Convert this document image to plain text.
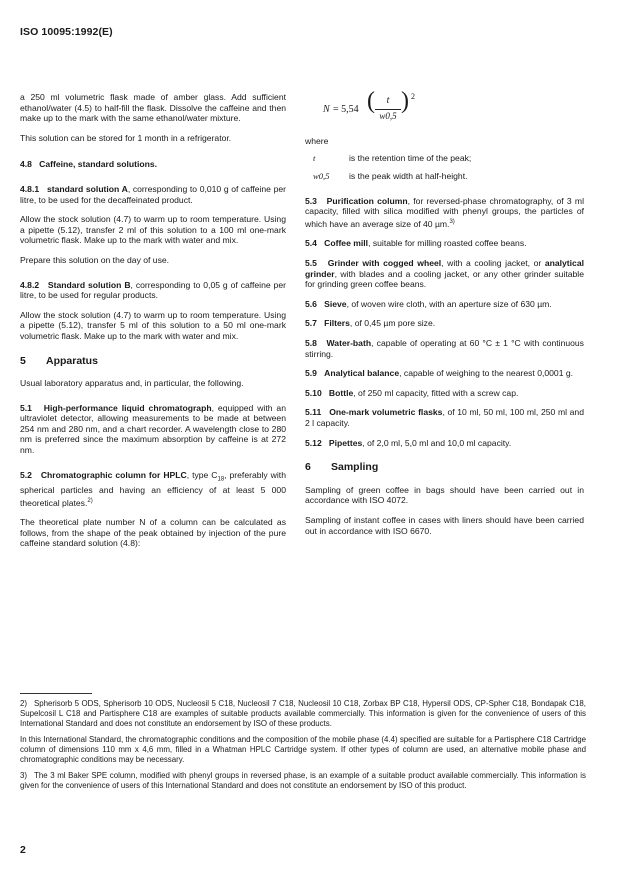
ISO 10095:1992(E)

a 250 ml volumetric flask made of amber glass. Add sufficient ethanol/water (4.5) to half-fill the flask. Dissolve the caffeine and then make up to the mark with the same ethanol/water mixture.

This solution can be stored for 1 month in a refrigerator.

4.8 Caffeine, standard solutions.

4.8.1 standard solution A, corresponding to 0,010 g of caffeine per litre, to be used for the decaffeinated product.

Allow the stock solution (4.7) to warm up to room temperature. Using a pipette (5.12), transfer 2 ml of this solution to a 100 ml one-mark volumetric flask. Make up to the mark with water and mix.

Prepare this solution on the day of use.

4.8.2 Standard solution B, corresponding to 0,05 g of caffeine per litre, to be used for regular products.

Allow the stock solution (4.7) to warm up to room temperature. Using a pipette (5.12), transfer 5 ml of this solution to a 50 ml one-mark volumetric flask. Make up to the mark with water and mix.

5 Apparatus

Usual laboratory apparatus and, in particular, the following.

5.1 High-performance liquid chromatograph, equipped with an ultraviolet detector, allowing measurements to be made at between 254 nm and 280 nm, and a chart recorder. A wavelength close to 280 nm is preferred since the maximum absorption by caffeine is at 272 nm.

5.2 Chromatographic column for HPLC, type $C_{18}$, preferably with spherical particles and having an efficiency of at least 5 000 theoretical plates.$^{2)}$

The theoretical plate number N of a column can be calculated as follows, from the shape of the peak obtained by injection of the pure caffeine standard solution (4.8):

N = 5,54 (	t
w0,5
) 2

where

t	is the retention time of the peak;
w0,5	is the peak width at half-height.

5.3 Purification column, for reversed-phase chromatography, of 3 ml capacity, filled with silica modified with phenyl groups, the particles of which have an average size of 40 µm.$^{3)}$

5.4 Coffee mill, suitable for milling roasted coffee beans.

5.5 Grinder with cogged wheel, with a cooling jacket, or analytical grinder, with blades and a cooling jacket, or any other grinder suitable for grinding green coffee beans.

5.6 Sieve, of woven wire cloth, with an aperture size of 630 µm.

5.7 Filters, of 0,45 µm pore size.

5.8 Water-bath, capable of operating at 60 °C ± 1 °C with continuous stirring.

5.9 Analytical balance, capable of weighing to the nearest 0,0001 g.

5.10 Bottle, of 250 ml capacity, fitted with a screw cap.

5.11 One-mark volumetric flasks, of 10 ml, 50 ml, 100 ml, 250 ml and 2 l capacity.

5.12 Pipettes, of 2,0 ml, 5,0 ml and 10,0 ml capacity.

6 Sampling

Sampling of green coffee in bags should have been carried out in accordance with ISO 4072.

Sampling of instant coffee in cases with liners should have been carried out in accordance with ISO 6670.

2) Spherisorb 5 ODS, Spherisorb 10 ODS, Nucleosil 5 C18, Nucleosil 7 C18, Nucleosil 10 C18, Zorbax BP C18, Hypersil ODS, CP-Spher C18, Bondapak C18, Supelcosil L C18 and Partisphere C18 are examples of suitable products available commercially. This information is given for the convenience of users of this International Standard and does not constitute an endorsement by ISO of these products.

In this International Standard, the chromatographic conditions and the composition of the mobile phase (4.4) specified are suitable for a Partisphere C18 Cartridge column of dimensions 110 mm x 4,6 mm, filled in a Whatman HPLC Cartridge system. If other types of column are used, an alternative mobile phase and chromatographic conditions may be necessary.

3) The 3 ml Baker SPE column, modified with phenyl groups in reversed phase, is an example of a suitable product available commercially. This information is given for the convenience of users of this International Standard and does not constitute an endorsement by ISO of this product.

2
